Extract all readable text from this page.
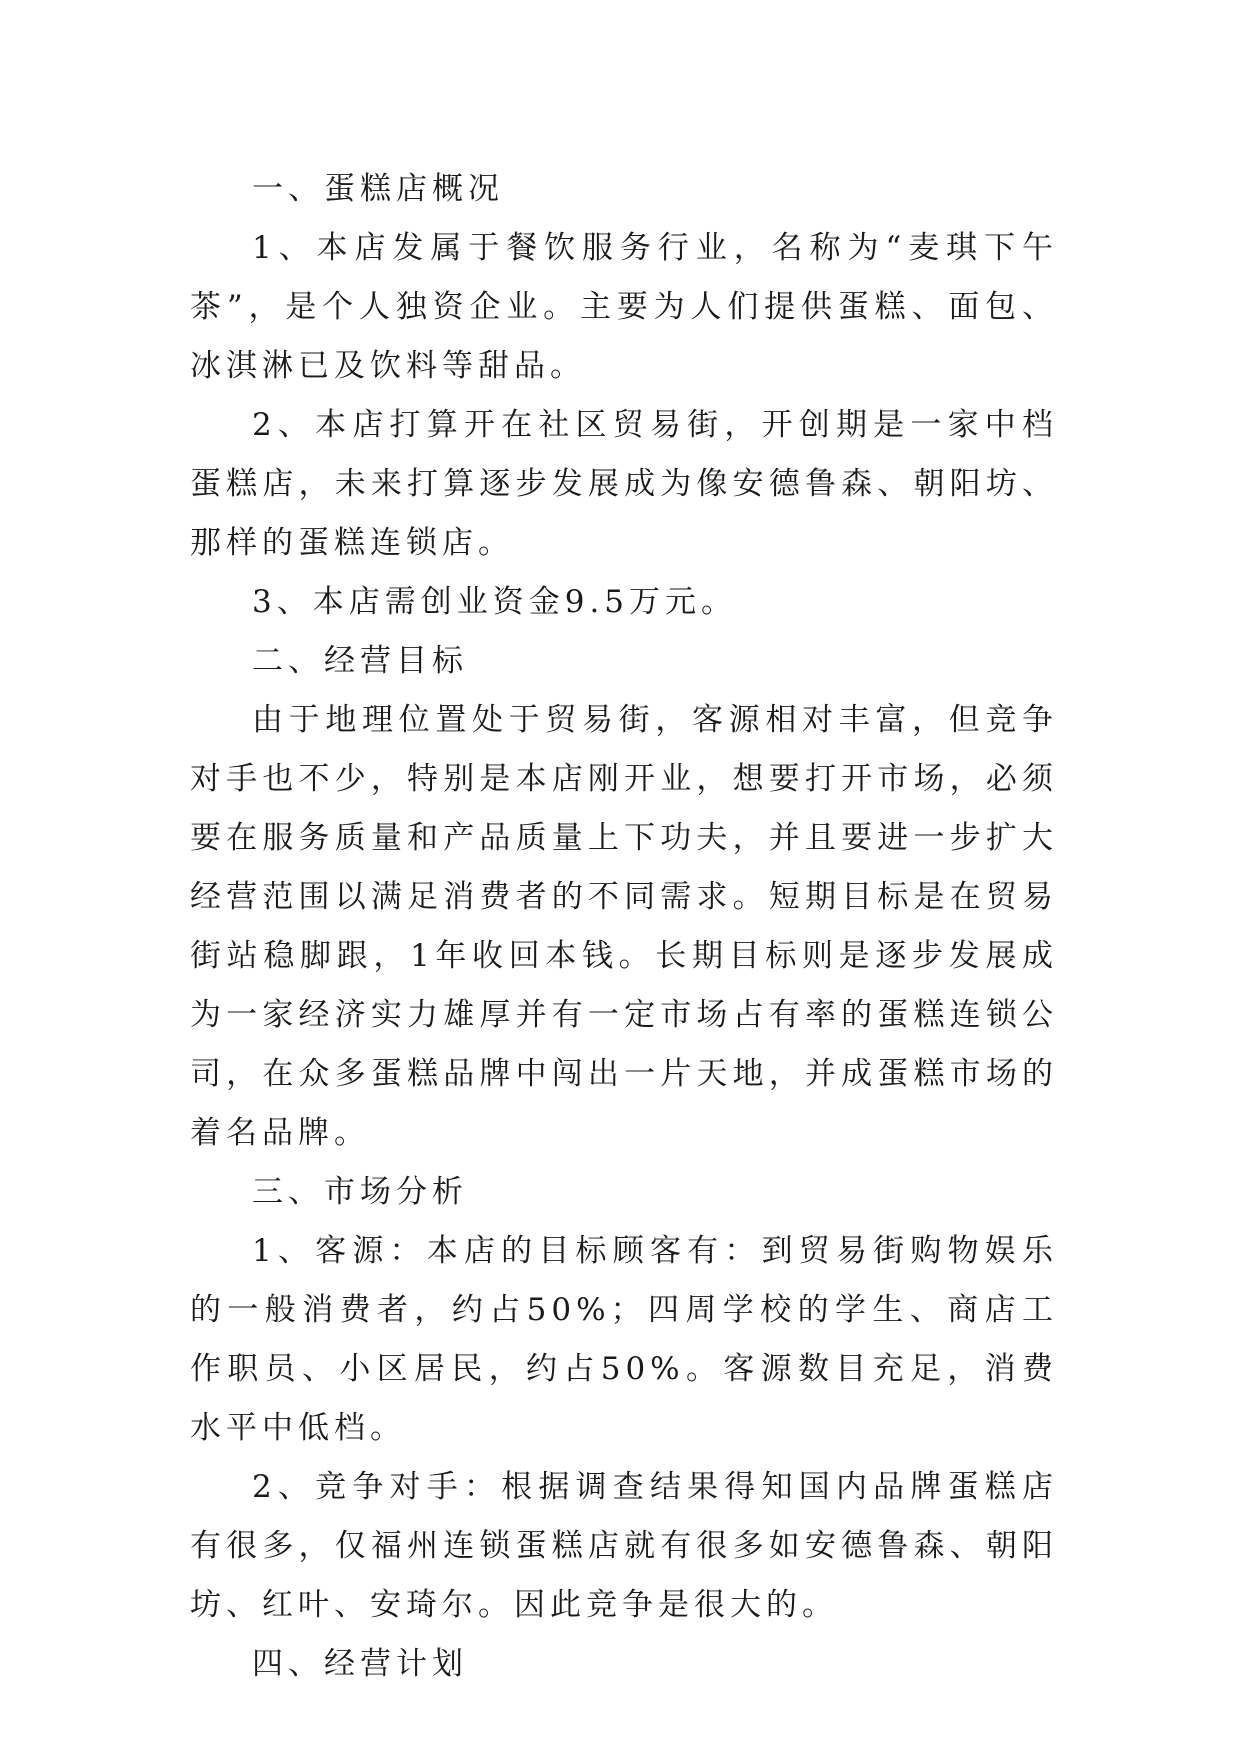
一、蛋糕店概况

1、本店发属于餐饮服务行业，名称为“麦琪下午茶”，是个人独资企业。主要为人们提供蛋糕、面包、冰淇淋已及饮料等甜品。

2、本店打算开在社区贸易街，开创期是一家中档蛋糕店，未来打算逐步发展成为像安德鲁森、朝阳坊、那样的蛋糕连锁店。

3、本店需创业资金9.5万元。

二、经营目标

由于地理位置处于贸易街，客源相对丰富，但竞争对手也不少，特别是本店刚开业，想要打开市场，必须要在服务质量和产品质量上下功夫，并且要进一步扩大经营范围以满足消费者的不同需求。短期目标是在贸易街站稳脚跟，1年收回本钱。长期目标则是逐步发展成为一家经济实力雄厚并有一定市场占有率的蛋糕连锁公司，在众多蛋糕品牌中闯出一片天地，并成蛋糕市场的着名品牌。

三、市场分析

1、客源：本店的目标顾客有：到贸易街购物娱乐的一般消费者，约占50%；四周学校的学生、商店工作职员、小区居民，约占50%。客源数目充足，消费水平中低档。

2、竞争对手：根据调查结果得知国内品牌蛋糕店有很多，仅福州连锁蛋糕店就有很多如安德鲁森、朝阳坊、红叶、安琦尔。因此竞争是很大的。

四、经营计划
